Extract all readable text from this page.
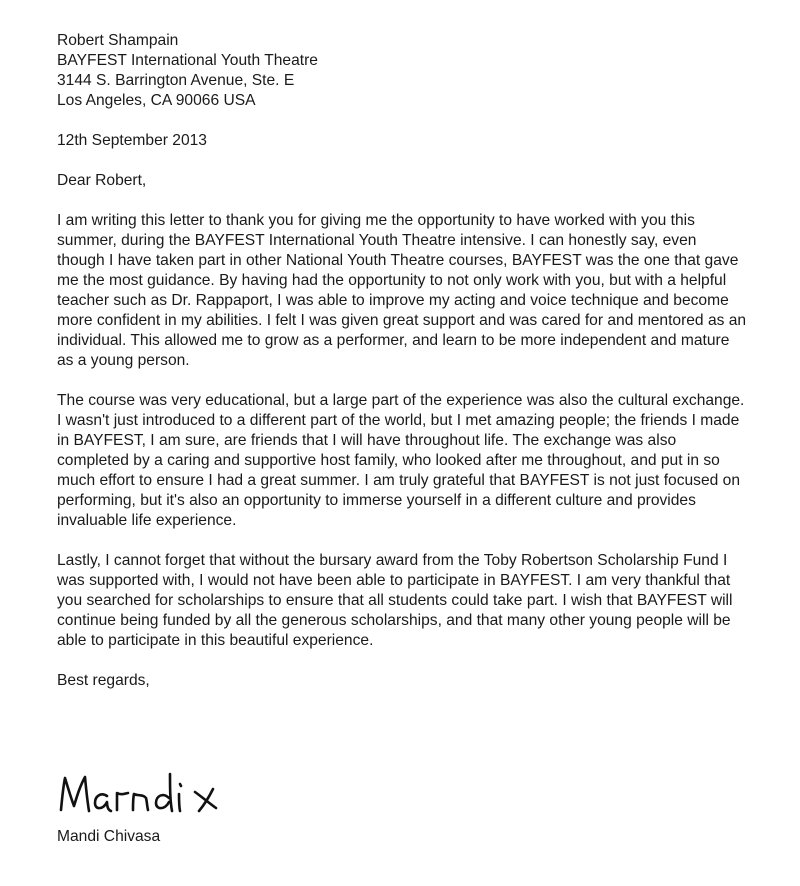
Robert Shampain
BAYFEST International Youth Theatre
3144 S. Barrington Avenue, Ste. E
Los Angeles, CA 90066 USA
12th September 2013
Dear Robert,

I am writing this letter to thank you for giving me the opportunity to have worked with you this summer, during the BAYFEST International Youth Theatre intensive. I can honestly say, even though I have taken part in other National Youth Theatre courses, BAYFEST was the one that gave me the most guidance. By having had the opportunity to not only work with you, but with a helpful teacher such as Dr. Rappaport, I was able to improve my acting and voice technique and become more confident in my abilities. I felt I was given great support and was cared for and mentored as an individual. This allowed me to grow as a performer, and learn to be more independent and mature as a young person.

The course was very educational, but a large part of the experience was also the cultural exchange. I wasn't just introduced to a different part of the world, but I met amazing people; the friends I made in BAYFEST, I am sure, are friends that I will have throughout life. The exchange was also completed by a caring and supportive host family, who looked after me throughout, and put in so much effort to ensure I had a great summer. I am truly grateful that BAYFEST is not just focused on performing, but it's also an opportunity to immerse yourself in a different culture and provides invaluable life experience.

Lastly, I cannot forget that without the bursary award from the Toby Robertson Scholarship Fund I was supported with, I would not have been able to participate in BAYFEST. I am very thankful that you searched for scholarships to ensure that all students could take part. I wish that BAYFEST will continue being funded by all the generous scholarships, and that many other young people will be able to participate in this beautiful experience.

Best regards,
Mandi Chivasa
